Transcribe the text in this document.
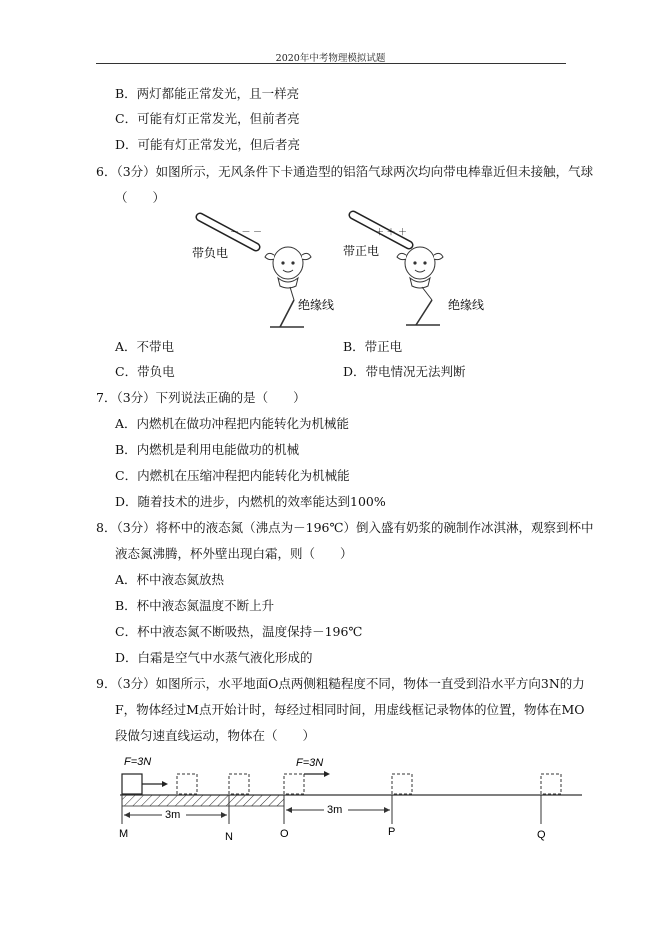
2020年中考物理模拟试题
B．两灯都能正常发光，且一样亮
C．可能有灯正常发光，但前者亮
D．可能有灯正常发光，但后者亮
6．（3分）如图所示，无风条件下卡通造型的铝箔气球两次均向带电棒靠近但未接触，气球
（　　）
－ － －
带负电
绝缘线
＋ ＋ ＋
带正电
绝缘线
A．不带电	B．带正电
C．带负电	D．带电情况无法判断
7．（3分）下列说法正确的是（　　）
A．内燃机在做功冲程把内能转化为机械能
B．内燃机是利用电能做功的机械
C．内燃机在压缩冲程把内能转化为机械能
D．随着技术的进步，内燃机的效率能达到100%
8．（3分）将杯中的液态氮（沸点为－196℃）倒入盛有奶浆的碗制作冰淇淋，观察到杯中
液态氮沸腾，杯外壁出现白霜，则（　　）
A．杯中液态氮放热
B．杯中液态氮温度不断上升
C．杯中液态氮不断吸热，温度保持－196℃
D．白霜是空气中水蒸气液化形成的
9．（3分）如图所示，水平地面O点两侧粗糙程度不同，物体一直受到沿水平方向3N的力
F，物体经过M点开始计时，每经过相同时间，用虚线框记录物体的位置，物体在MO
段做匀速直线运动，物体在（　　）
F=3N	F=3N
3m	3m
M	N	O	P	Q
